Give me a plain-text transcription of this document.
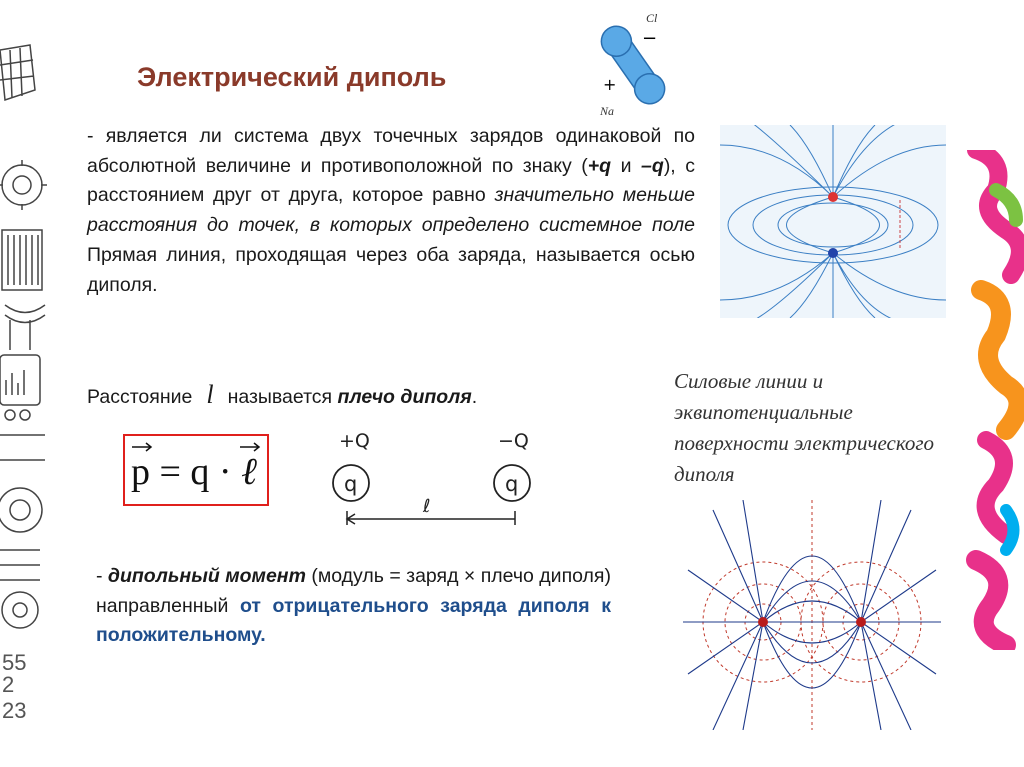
55
2
23
Электрический диполь
−
+
Cl
Na
- является ли система двух точечных зарядов одинаковой по абсолютной величине и противоположной по знаку (+q и –q), с расстоянием друг от друга, которое равно значительно меньше расстояния до точек, в которых определено системное поле Прямая линия, проходящая через оба заряда, называется осью диполя.
Расстояние l называется плечо диполя.
p = q · ℓ
+Q	−Q
q	q
ℓ
Силовые линии и эквипотенциальные поверхности электрического диполя
- дипольный момент (модуль = заряд × плечо диполя) направленный от отрицательного заряда диполя к положительному.
